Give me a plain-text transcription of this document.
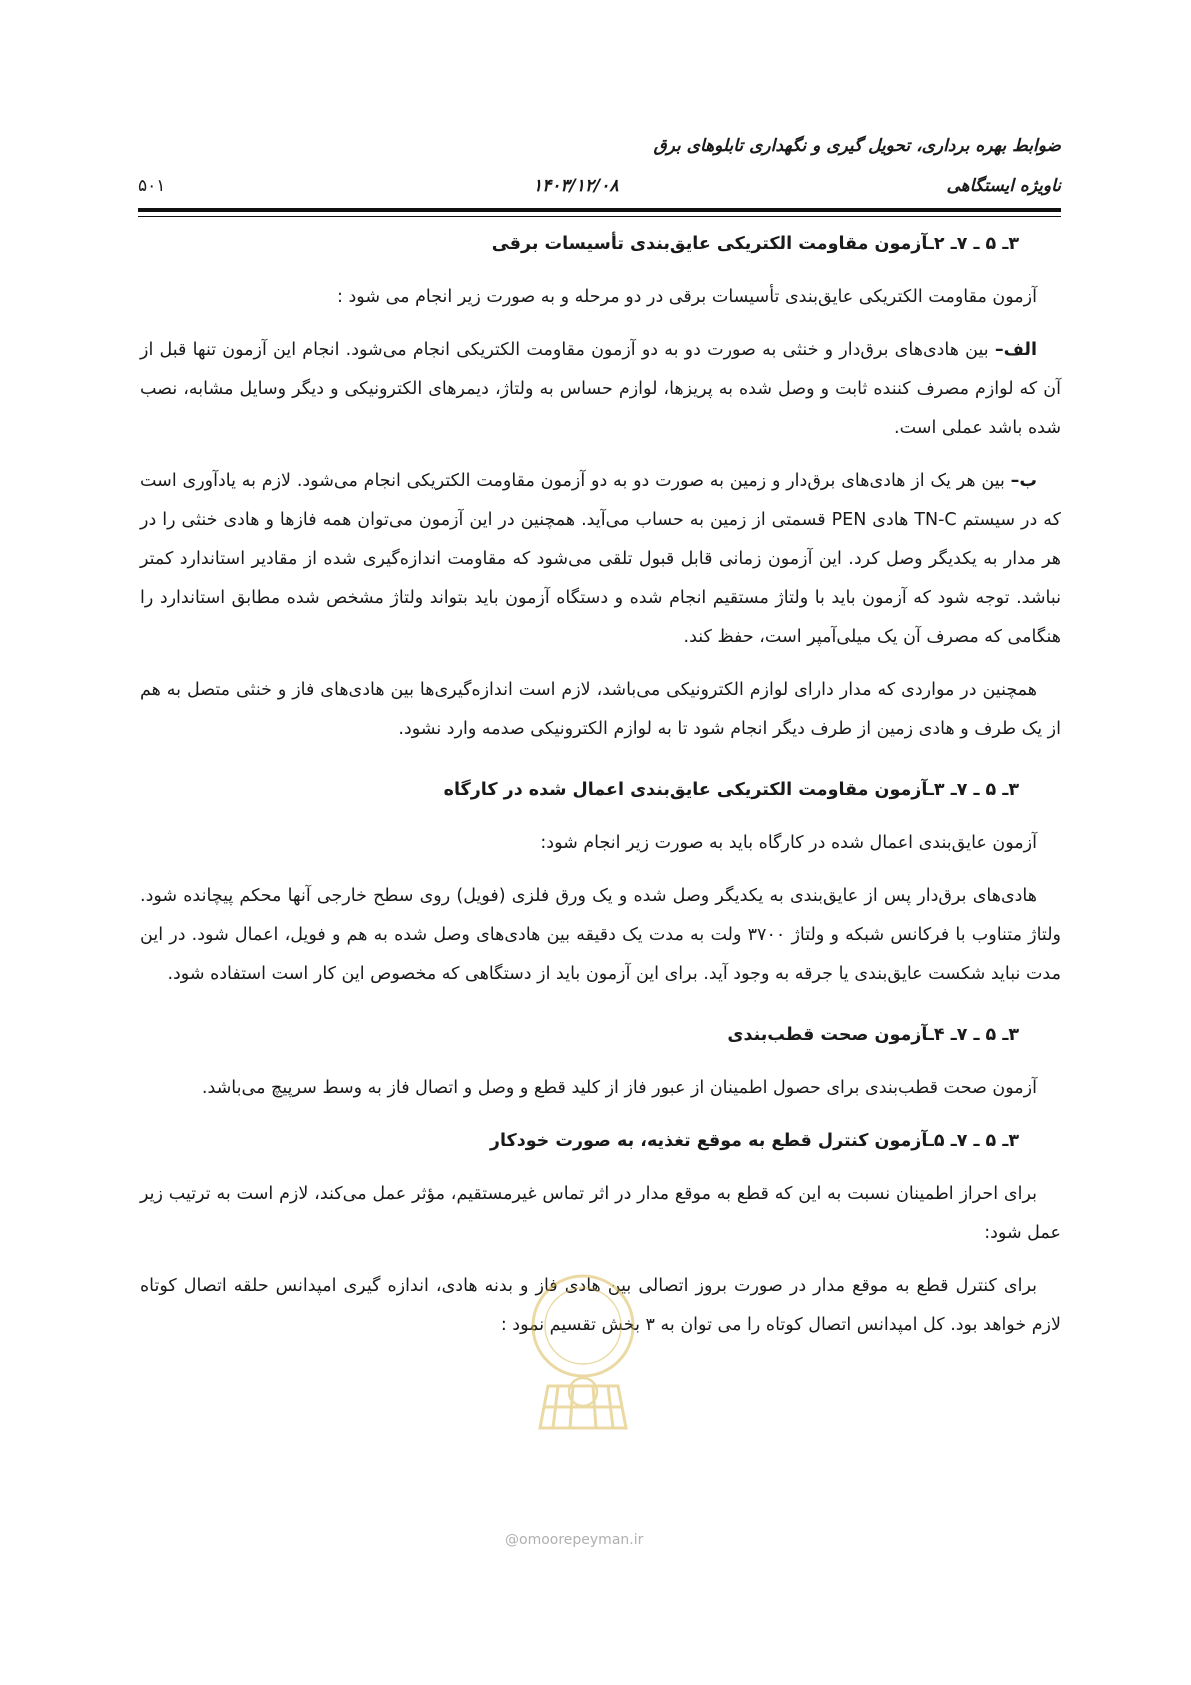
ضوابط بهره برداری، تحویل گیری و نگهداری تابلوهای برق
ناویژه ایستگاهی
۱۴۰۳/۱۲/۰۸
۵۰۱
۳ـ ۵ ـ ۷ـ ۲ـآزمون مقاومت الکتریکی عایق‌بندی تأسیسات برقی

آزمون مقاومت الکتریکی عایق‌بندی تأسیسات برقی در دو مرحله و به صورت زیر انجام می شود :

الف– بین هادی‌های برق‌دار و خنثی به صورت دو به دو آزمون مقاومت الکتریکی انجام می‌شود. انجام این آزمون تنها قبل از آن که لوازم مصرف کننده ثابت و وصل شده به پریزها، لوازم حساس به ولتاژ، دیمرهای الکترونیکی و دیگر وسایل مشابه، نصب شده باشد عملی است.

ب– بین هر یک از هادی‌های برق‌دار و زمین به صورت دو به دو آزمون مقاومت الکتریکی انجام می‌شود. لازم به یادآوری است که در سیستم TN-C هادی PEN قسمتی از زمین به حساب می‌آید. همچنین در این آزمون می‌توان همه فازها و هادی خنثی را در هر مدار به یکدیگر وصل کرد. این آزمون زمانی قابل قبول تلقی می‌شود که مقاومت اندازه‌گیری شده از مقادیر استاندارد کمتر نباشد. توجه شود که آزمون باید با ولتاژ مستقیم انجام شده و دستگاه آزمون باید بتواند ولتاژ مشخص شده مطابق استاندارد را هنگامی که مصرف آن یک میلی‌آمپر است، حفظ کند.

همچنین در مواردی که مدار دارای لوازم الکترونیکی می‌باشد، لازم است اندازه‌گیری‌ها بین هادی‌های فاز و خنثی متصل به هم از یک طرف و هادی زمین از طرف دیگر انجام شود تا به لوازم الکترونیکی صدمه وارد نشود.

۳ـ ۵ ـ ۷ـ ۳ـآزمون مقاومت الکتریکی عایق‌بندی اعمال شده در کارگاه

آزمون عایق‌بندی اعمال شده در کارگاه باید به صورت زیر انجام شود:

هادی‌های برق‌دار پس از عایق‌بندی به یکدیگر وصل شده و یک ورق فلزی (فویل) روی سطح خارجی آنها محکم پیچانده شود. ولتاژ متناوب با فرکانس شبکه و ولتاژ ۳۷۰۰ ولت به مدت یک دقیقه بین هادی‌های وصل شده به هم و فویل، اعمال شود. در این مدت نباید شکست عایق‌بندی یا جرقه به وجود آید. برای این آزمون باید از دستگاهی که مخصوص این کار است استفاده شود.

۳ـ ۵ ـ ۷ـ ۴ـآزمون صحت قطب‌بندی

آزمون صحت قطب‌بندی برای حصول اطمینان از عبور فاز از کلید قطع و وصل و اتصال فاز به وسط سرپیچ می‌باشد.

۳ـ ۵ ـ ۷ـ ۵ـآزمون کنترل قطع به موقع تغذیه، به صورت خودکار

برای احراز اطمینان نسبت به این که قطع به موقع مدار در اثر تماس غیرمستقیم، مؤثر عمل می‌کند، لازم است به ترتیب زیر عمل شود:

برای کنترل قطع به موقع مدار در صورت بروز اتصالی بین هادی فاز و بدنه هادی، اندازه گیری امپدانس حلقه اتصال کوتاه لازم خواهد بود. کل امپدانس اتصال کوتاه را می توان به ۳ بخش تقسیم نمود :

@omoorepeyman.ir
